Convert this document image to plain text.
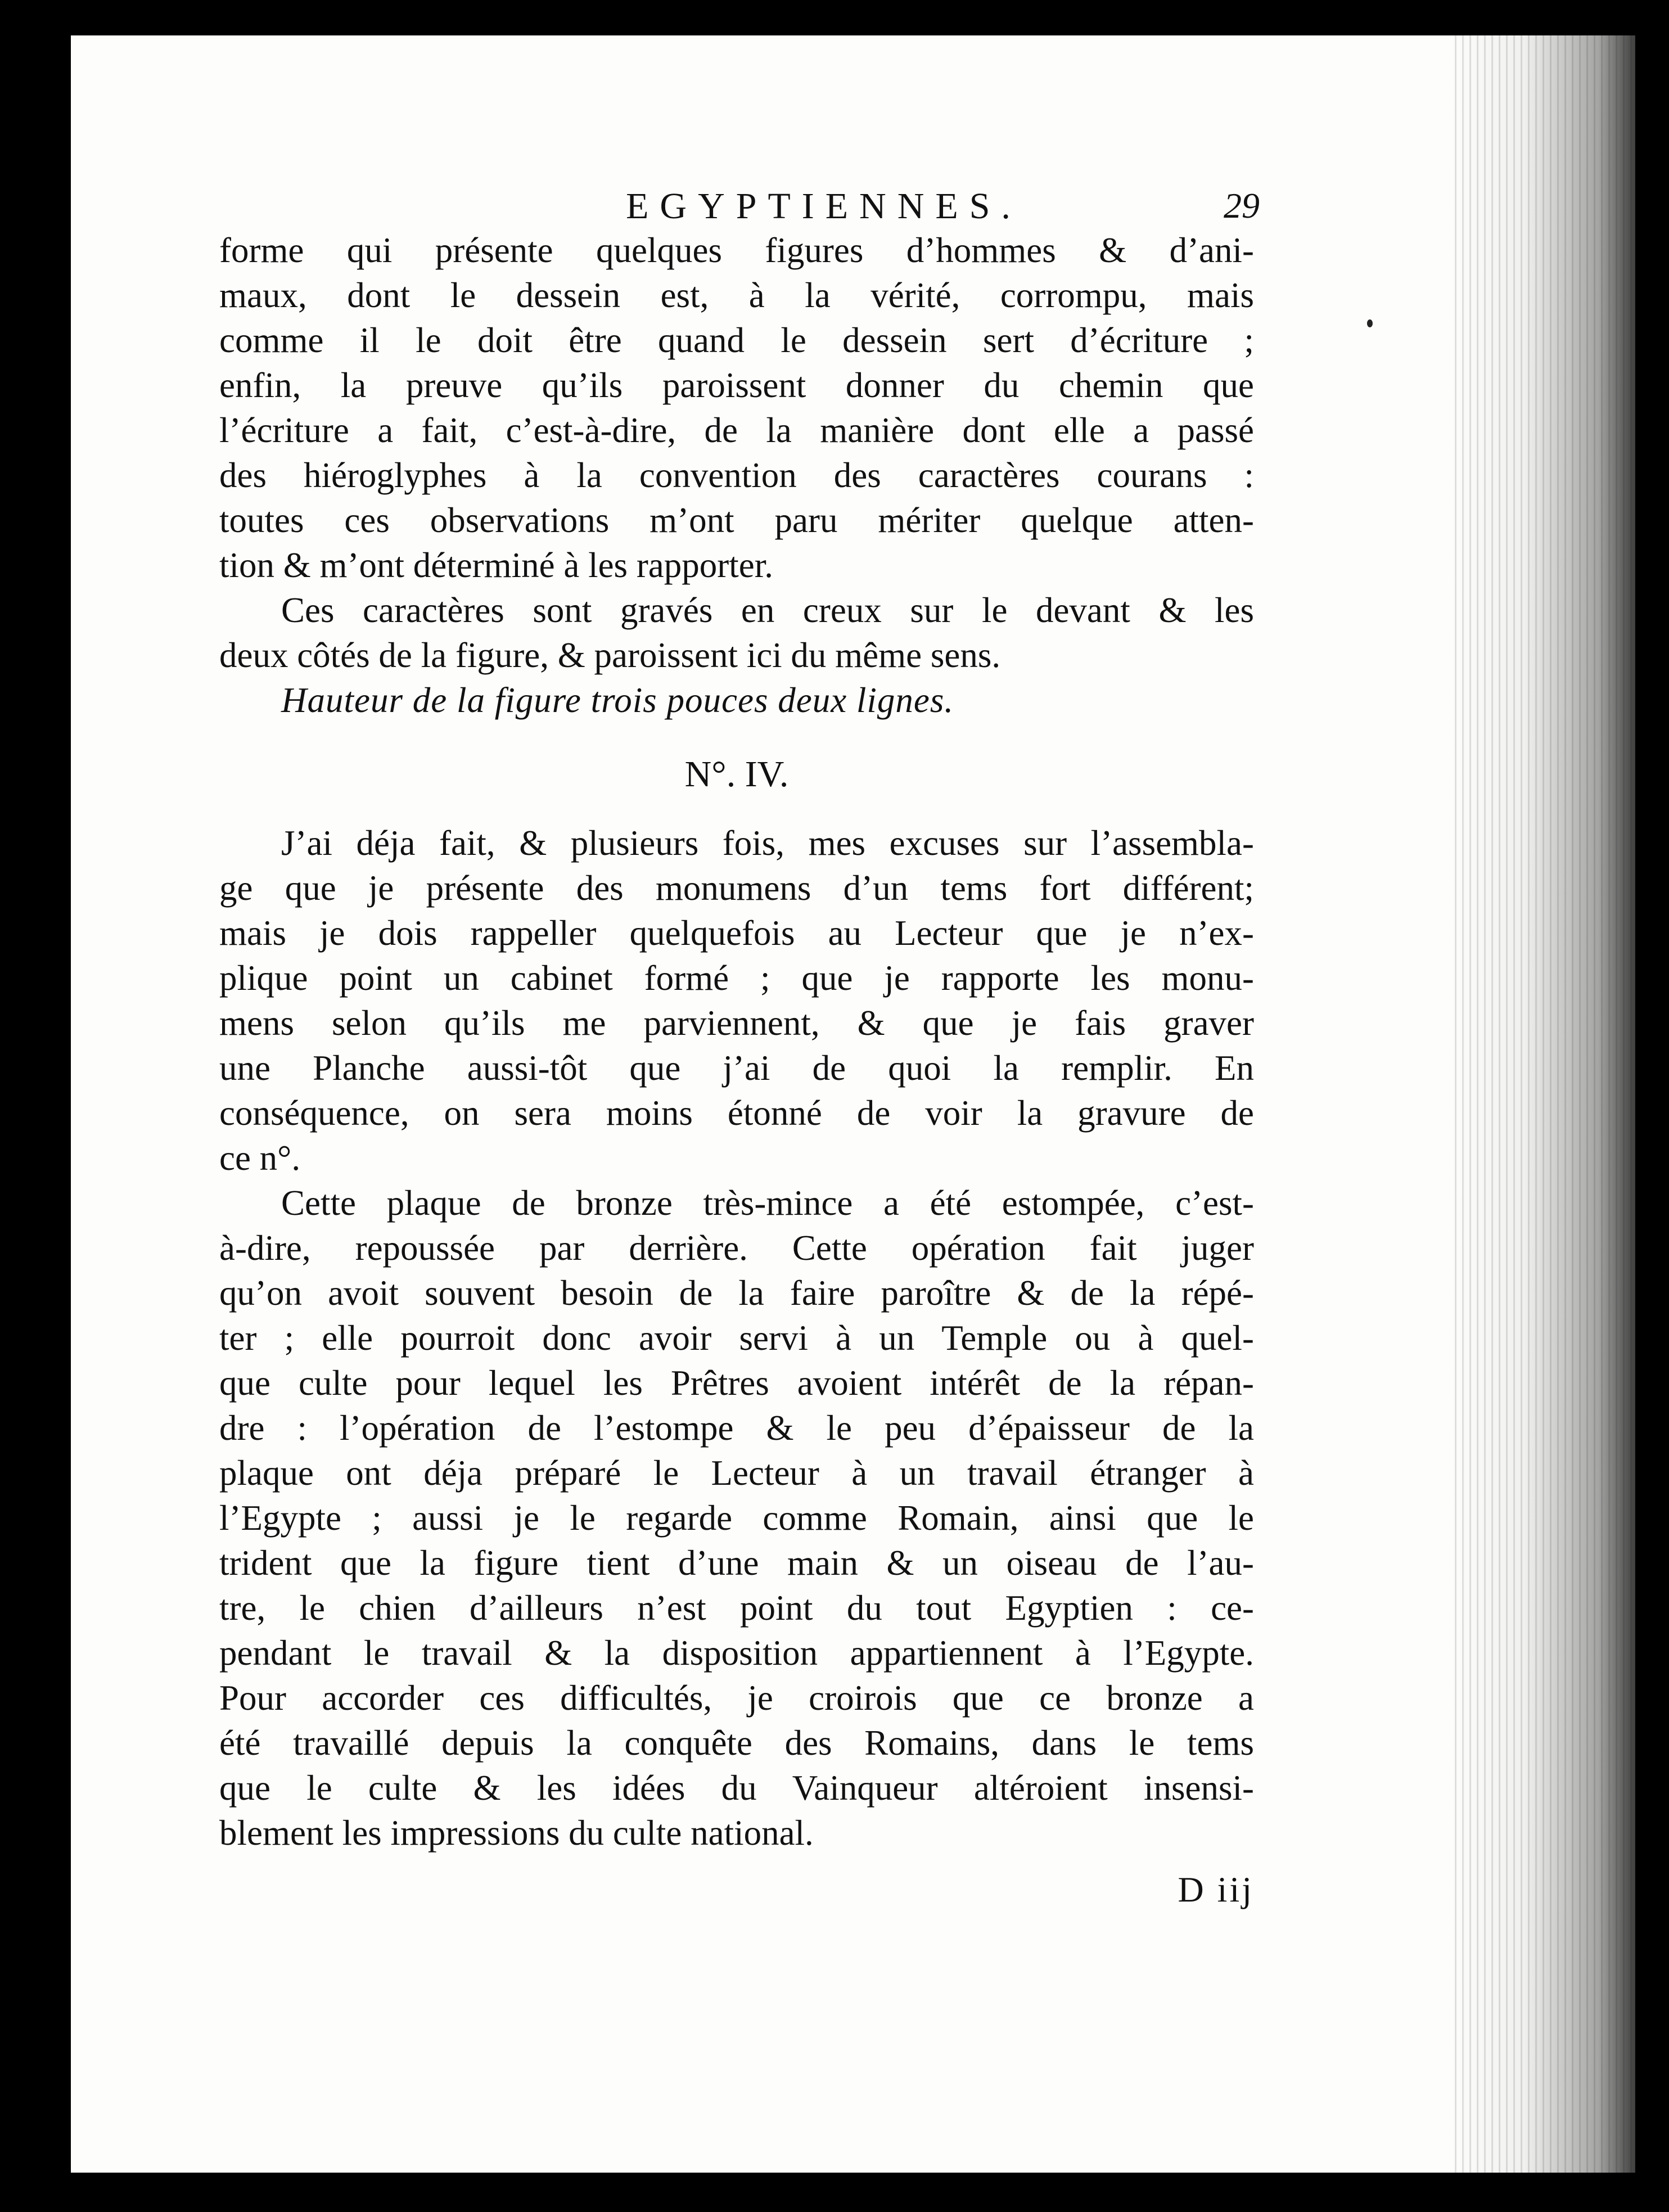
EGYPTIENNES.	29
forme qui présente quelques figures d’hommes & d’ani-
maux, dont le dessein est, à la vérité, corrompu, mais
comme il le doit être quand le dessein sert d’écriture ;
enfin, la preuve qu’ils paroissent donner du chemin que
l’écriture a fait, c’est-à-dire, de la manière dont elle a passé
des hiéroglyphes à la convention des caractères courans :
toutes ces observations m’ont paru mériter quelque atten-
tion & m’ont déterminé à les rapporter.
Ces caractères sont gravés en creux sur le devant & les
deux côtés de la figure, & paroissent ici du même sens.
Hauteur de la figure trois pouces deux lignes.
N°. IV.
J’ai déja fait, & plusieurs fois, mes excuses sur l’assembla-
ge que je présente des monumens d’un tems fort différent;
mais je dois rappeller quelquefois au Lecteur que je n’ex-
plique point un cabinet formé ; que je rapporte les monu-
mens selon qu’ils me parviennent, & que je fais graver
une Planche aussi-tôt que j’ai de quoi la remplir. En
conséquence, on sera moins étonné de voir la gravure de
ce n°.
Cette plaque de bronze très-mince a été estompée, c’est-
à-dire, repoussée par derrière. Cette opération fait juger
qu’on avoit souvent besoin de la faire paroître & de la répé-
ter ; elle pourroit donc avoir servi à un Temple ou à quel-
que culte pour lequel les Prêtres avoient intérêt de la répan-
dre : l’opération de l’estompe & le peu d’épaisseur de la
plaque ont déja préparé le Lecteur à un travail étranger à
l’Egypte ; aussi je le regarde comme Romain, ainsi que le
trident que la figure tient d’une main & un oiseau de l’au-
tre, le chien d’ailleurs n’est point du tout Egyptien : ce-
pendant le travail & la disposition appartiennent à l’Egypte.
Pour accorder ces difficultés, je croirois que ce bronze a
été travaillé depuis la conquête des Romains, dans le tems
que le culte & les idées du Vainqueur altéroient insensi-
blement les impressions du culte national.
D iij
